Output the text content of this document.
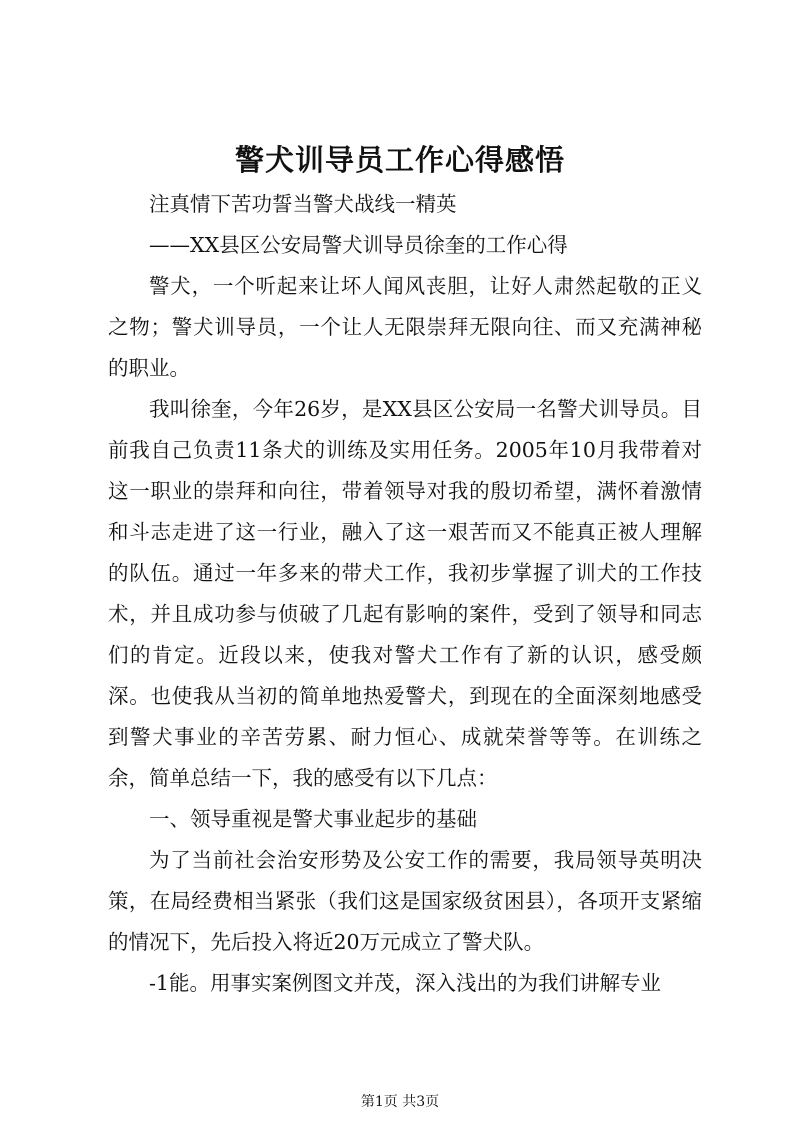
警犬训导员工作心得感悟

注真情下苦功誓当警犬战线一精英

——XX县区公安局警犬训导员徐奎的工作心得

警犬，一个听起来让坏人闻风丧胆，让好人肃然起敬的正义之物；警犬训导员，一个让人无限崇拜无限向往、而又充满神秘的职业。

我叫徐奎，今年26岁，是XX县区公安局一名警犬训导员。目前我自己负责11条犬的训练及实用任务。2005年10月我带着对这一职业的崇拜和向往，带着领导对我的殷切希望，满怀着激情和斗志走进了这一行业，融入了这一艰苦而又不能真正被人理解的队伍。通过一年多来的带犬工作，我初步掌握了训犬的工作技术，并且成功参与侦破了几起有影响的案件，受到了领导和同志们的肯定。近段以来，使我对警犬工作有了新的认识，感受颇深。也使我从当初的简单地热爱警犬，到现在的全面深刻地感受到警犬事业的辛苦劳累、耐力恒心、成就荣誉等等。在训练之余，简单总结一下，我的感受有以下几点：

一、领导重视是警犬事业起步的基础

为了当前社会治安形势及公安工作的需要，我局领导英明决策，在局经费相当紧张（我们这是国家级贫困县），各项开支紧缩的情况下，先后投入将近20万元成立了警犬队。

-1能。用事实案例图文并茂，深入浅出的为我们讲解专业

第1页 共3页
